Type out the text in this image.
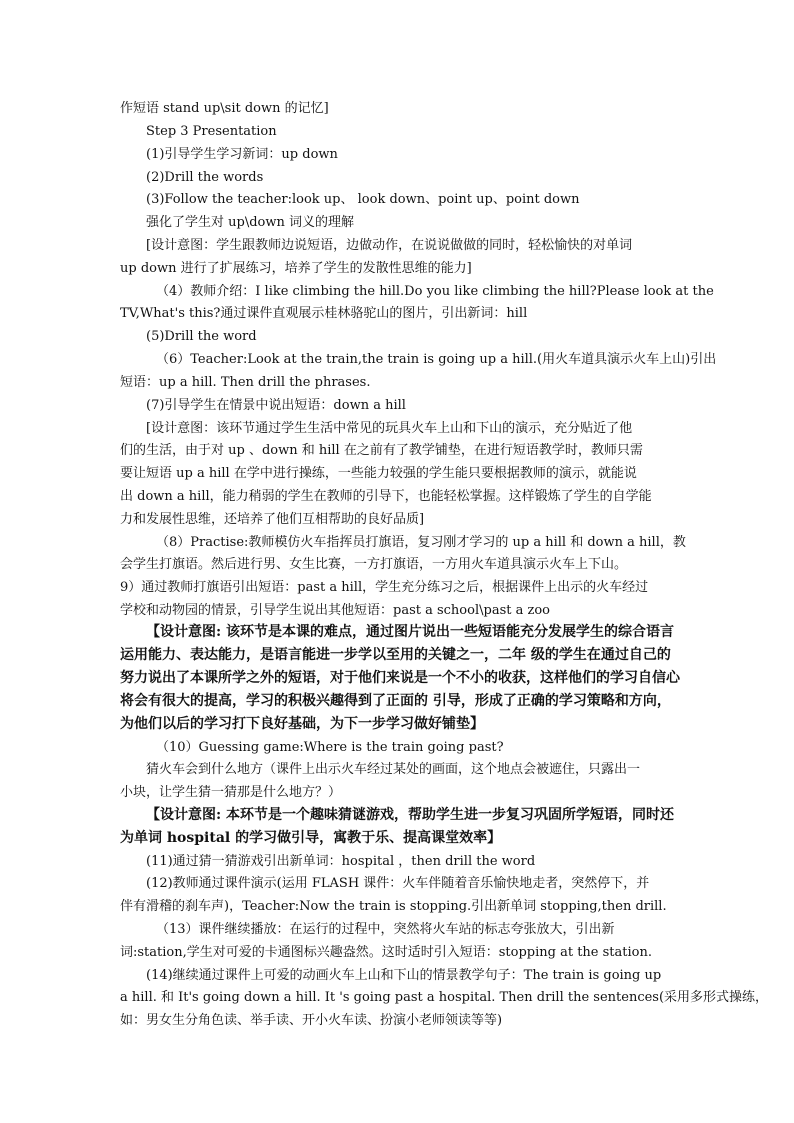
作短语 stand up\sit down 的记忆]
Step 3 Presentation
(1)引导学生学习新词：up down
(2)Drill the words
(3)Follow the teacher:look up、 look down、point up、point down
强化了学生对 up\down 词义的理解
[设计意图：学生跟教师边说短语，边做动作，在说说做做的同时，轻松愉快的对单词
up down 进行了扩展练习，培养了学生的发散性思维的能力]
（4）教师介绍：I like climbing the hill.Do you like climbing the hill?Please look at the
TV,What's this?通过课件直观展示桂林骆驼山的图片，引出新词：hill
(5)Drill the word
（6）Teacher:Look at the train,the train is going up a hill.(用火车道具演示火车上山)引出
短语：up a hill. Then drill the phrases.
(7)引导学生在情景中说出短语：down a hill
[设计意图：该环节通过学生生活中常见的玩具火车上山和下山的演示，充分贴近了他
们的生活，由于对 up 、down 和 hill 在之前有了教学铺垫，在进行短语教学时，教师只需
要让短语 up a hill 在学中进行操练，一些能力较强的学生能只要根据教师的演示，就能说
出 down a hill，能力稍弱的学生在教师的引导下，也能轻松掌握。这样锻炼了学生的自学能
力和发展性思维，还培养了他们互相帮助的良好品质]
（8）Practise:教师模仿火车指挥员打旗语，复习刚才学习的 up a hill 和 down a hill，教
会学生打旗语。然后进行男、女生比赛，一方打旗语，一方用火车道具演示火车上下山。
9）通过教师打旗语引出短语：past a hill，学生充分练习之后，根据课件上出示的火车经过
学校和动物园的情景，引导学生说出其他短语：past a school\past a zoo
【设计意图: 该环节是本课的难点，通过图片说出一些短语能充分发展学生的综合语言
运用能力、表达能力，是语言能进一步学以至用的关键之一，二年 级的学生在通过自己的
努力说出了本课所学之外的短语，对于他们来说是一个不小的收获，这样他们的学习自信心
将会有很大的提高，学习的积极兴趣得到了正面的 引导，形成了正确的学习策略和方向，
为他们以后的学习打下良好基础，为下一步学习做好铺垫】
（10）Guessing game:Where is the train going past?
猜火车会到什么地方（课件上出示火车经过某处的画面，这个地点会被遮住，只露出一
小块，让学生猜一猜那是什么地方？）
【设计意图: 本环节是一个趣味猜谜游戏，帮助学生进一步复习巩固所学短语，同时还
为单词 hospital 的学习做引导，寓教于乐、提高课堂效率】
(11)通过猜一猜游戏引出新单词：hospital ，then drill the word
(12)教师通过课件演示(运用 FLASH 课件：火车伴随着音乐愉快地走者，突然停下，并
伴有滑稽的刹车声)，Teacher:Now the train is stopping.引出新单词 stopping,then drill.
（13）课件继续播放：在运行的过程中，突然将火车站的标志夸张放大，引出新
词:station,学生对可爱的卡通图标兴趣盎然。这时适时引入短语：stopping at the station.
(14)继续通过课件上可爱的动画火车上山和下山的情景教学句子：The train is going up
a hill. 和 It's going down a hill. It 's going past a hospital. Then drill the sentences(采用多形式操练，
如：男女生分角色读、举手读、开小火车读、扮演小老师领读等等)
